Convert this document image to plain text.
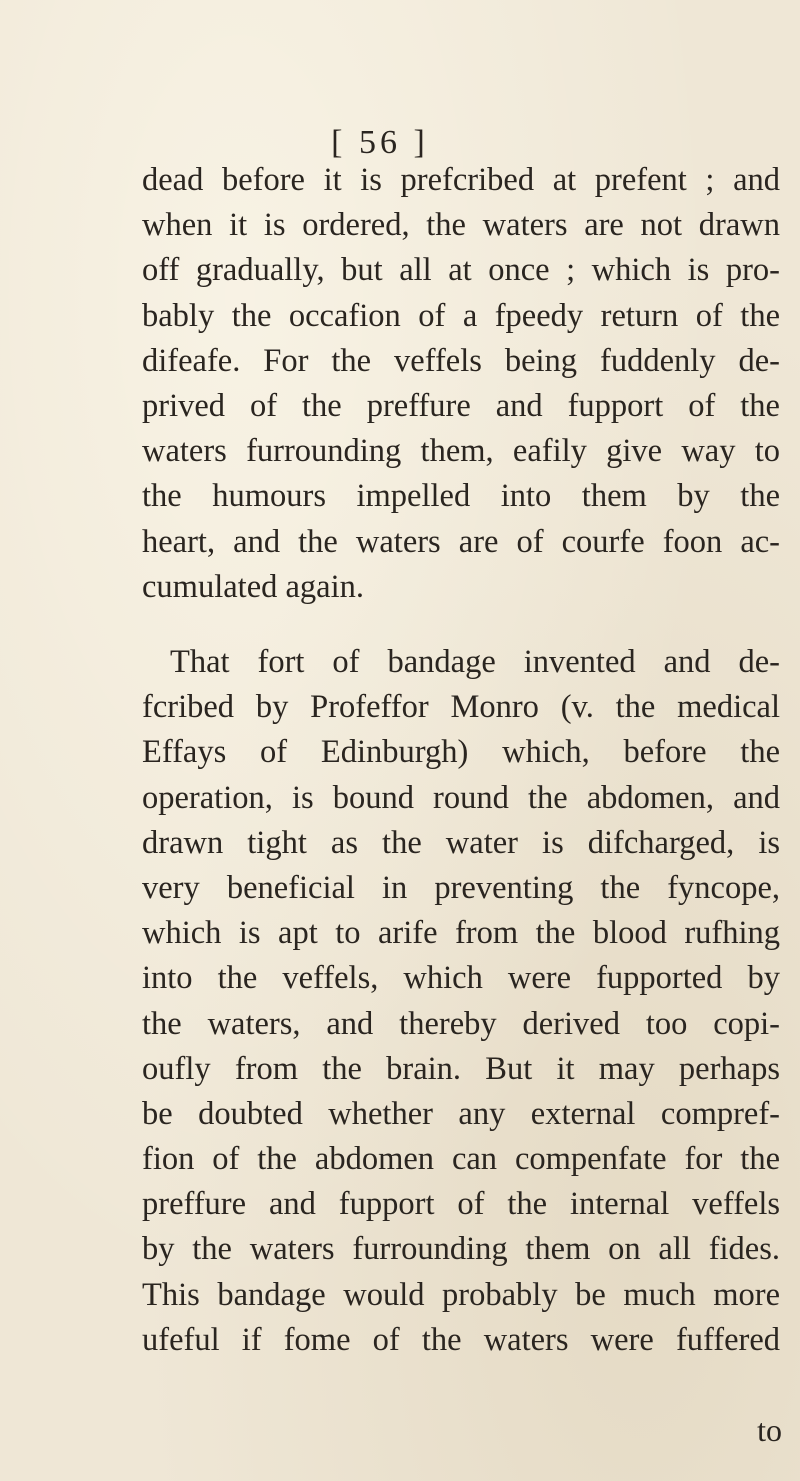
[ 56 ]
dead before it is prefcribed at prefent ; and
when it is ordered, the waters are not drawn
off gradually, but all at once ; which is pro-
bably the occafion of a fpeedy return of the
difeafe. For the veffels being fuddenly de-
prived of the preffure and fupport of the
waters furrounding them, eafily give way to
the humours impelled into them by the
heart, and the waters are of courfe foon ac-
cumulated again.
That fort of bandage invented and de-
fcribed by Profeffor Monro (v. the medical
Effays of Edinburgh) which, before the
operation, is bound round the abdomen, and
drawn tight as the water is difcharged, is
very beneficial in preventing the fyncope,
which is apt to arife from the blood rufhing
into the veffels, which were fupported by
the waters, and thereby derived too copi-
oufly from the brain. But it may perhaps
be doubted whether any external compref-
fion of the abdomen can compenfate for the
preffure and fupport of the internal veffels
by the waters furrounding them on all fides.
This bandage would probably be much more
ufeful if fome of the waters were fuffered
to
